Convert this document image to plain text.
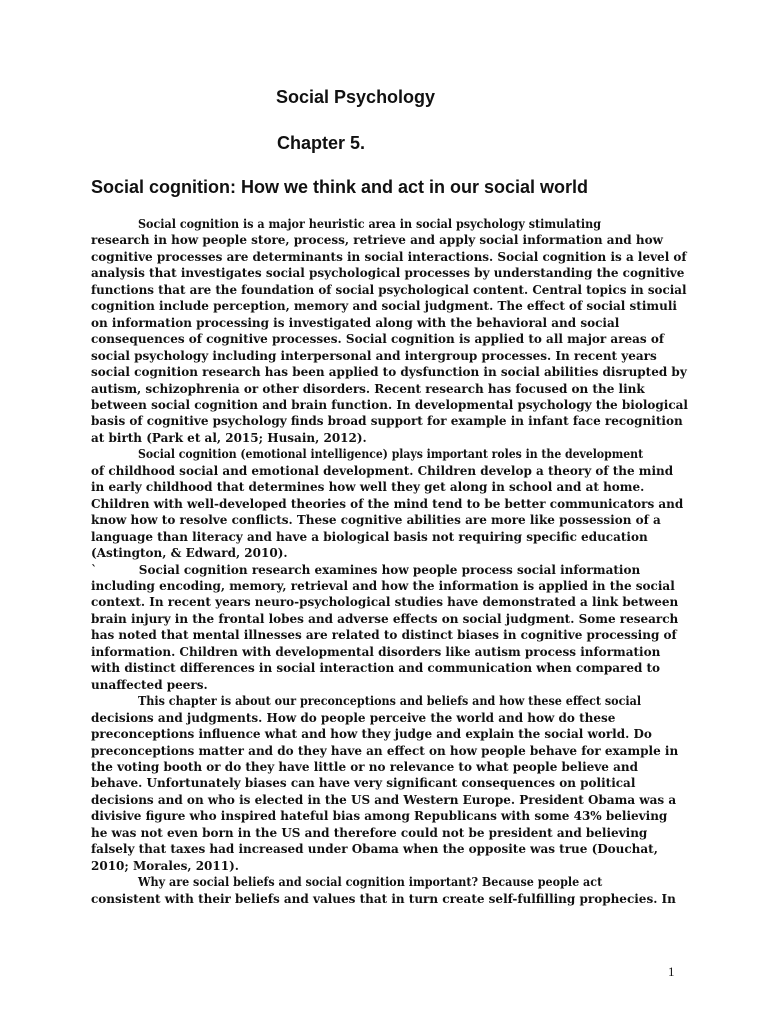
Social Psychology
Chapter 5.
Social cognition: How we think and act in our social world
Social cognition is a major heuristic area in social psychology stimulating
research in how people store, process, retrieve and apply social information and how
cognitive processes are determinants in social interactions. Social cognition is a level of
analysis that investigates social psychological processes by understanding the cognitive
functions that are the foundation of social psychological content. Central topics in social
cognition include perception, memory and social judgment. The effect of social stimuli
on information processing is investigated along with the behavioral and social
consequences of cognitive processes. Social cognition is applied to all major areas of
social psychology including interpersonal and intergroup processes. In recent years
social cognition research has been applied to dysfunction in social abilities disrupted by
autism, schizophrenia or other disorders. Recent research has focused on the link
between social cognition and brain function. In developmental psychology the biological
basis of cognitive psychology finds broad support for example in infant face recognition
at birth (Park et al, 2015; Husain, 2012).
Social cognition (emotional intelligence) plays important roles in the development
of childhood social and emotional development. Children develop a theory of the mind
in early childhood that determines how well they get along in school and at home.
Children with well-developed theories of the mind tend to be better communicators and
know how to resolve conflicts. These cognitive abilities are more like possession of a
language than literacy and have a biological basis not requiring specific education
(Astington, & Edward, 2010).
`          Social cognition research examines how people process social information
including encoding, memory, retrieval and how the information is applied in the social
context. In recent years neuro-psychological studies have demonstrated a link between
brain injury in the frontal lobes and adverse effects on social judgment. Some research
has noted that mental illnesses are related to distinct biases in cognitive processing of
information. Children with developmental disorders like autism process information
with distinct differences in social interaction and communication when compared to
unaffected peers.
This chapter is about our preconceptions and beliefs and how these effect social
decisions and judgments. How do people perceive the world and how do these
preconceptions influence what and how they judge and explain the social world. Do
preconceptions matter and do they have an effect on how people behave for example in
the voting booth or do they have little or no relevance to what people believe and
behave. Unfortunately biases can have very significant consequences on political
decisions and on who is elected in the US and Western Europe. President Obama was a
divisive figure who inspired hateful bias among Republicans with some 43% believing
he was not even born in the US and therefore could not be president and believing
falsely that taxes had increased under Obama when the opposite was true (Douchat,
2010; Morales, 2011).
Why are social beliefs and social cognition important? Because people act
consistent with their beliefs and values that in turn create self-fulfilling prophecies. In
1
